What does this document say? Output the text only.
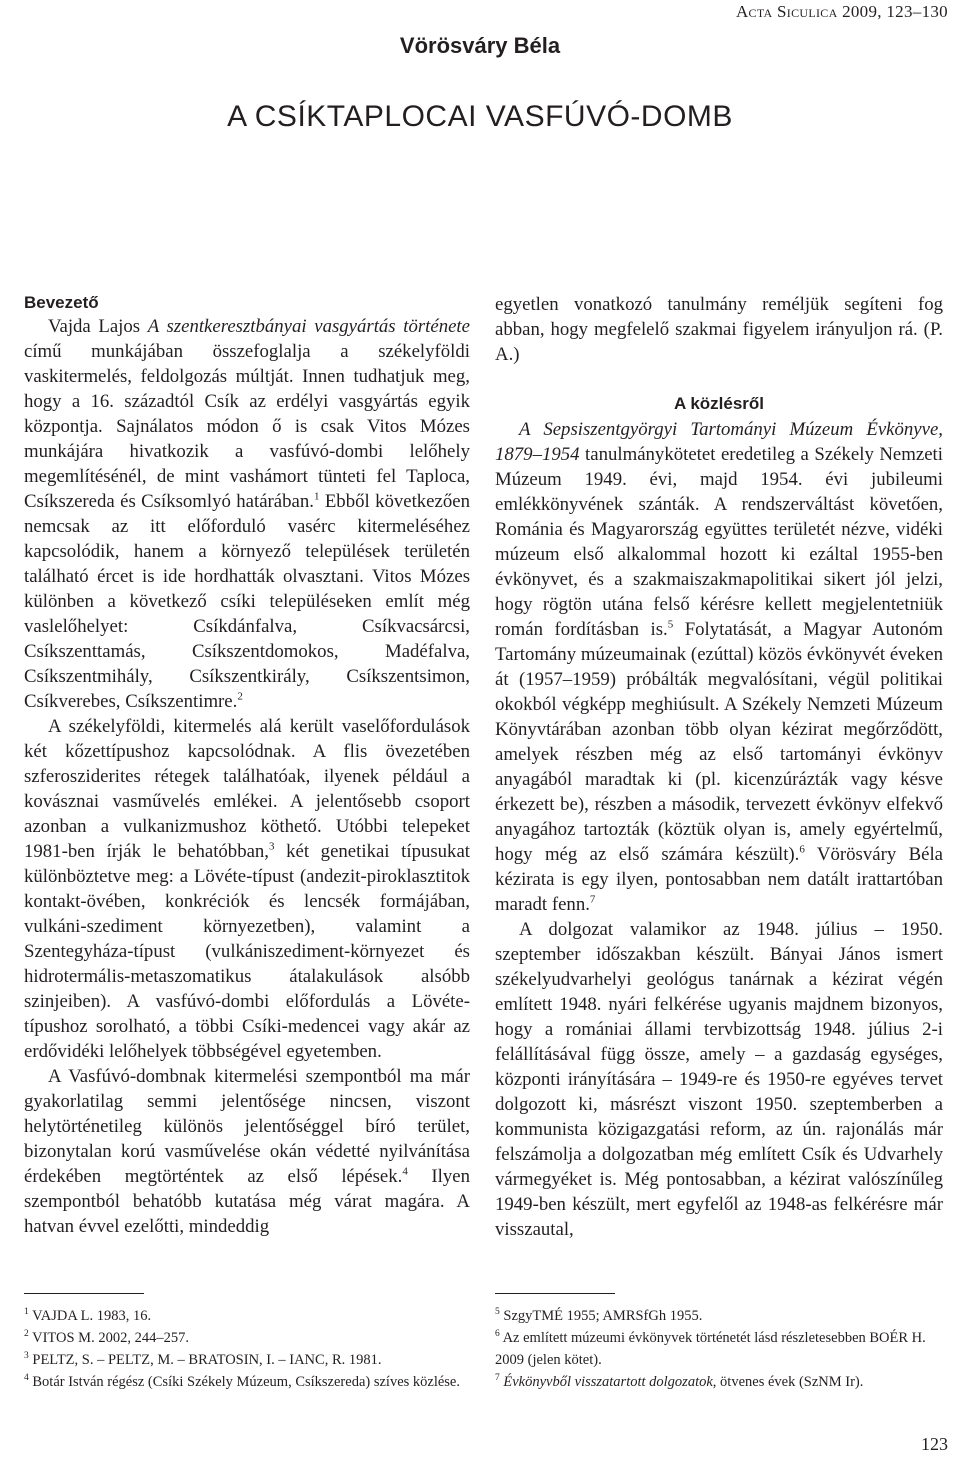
Acta Siculica 2009, 123–130
Vörösváry Béla
A CSÍKTAPLOCAI VASFÚVÓ-DOMB
Bevezető

Vajda Lajos A szentkeresztbányai vasgyártás története című munkájában összefoglalja a székelyföldi vaskitermelés, feldolgozás múltját. Innen tudhatjuk meg, hogy a 16. századtól Csík az erdélyi vasgyártás egyik központja. Sajnálatos módon ő is csak Vitos Mózes munkájára hivatkozik a vasfúvó-dombi lelőhely megemlítésénél, de mint vashámort tünteti fel Taploca, Csíkszereda és Csíksomlyó határában.$^1$ Ebből következően nemcsak az itt előforduló vasérc kitermeléséhez kapcsolódik, hanem a környező települések területén található ércet is ide hordhatták olvasztani. Vitos Mózes különben a következő csíki településeken említ még vaslelőhelyet: Csíkdánfalva, Csíkvacsárcsi, Csíkszenttamás, Csíkszentdomokos, Madéfalva, Csíkszentmihály, Csíkszentkirály, Csíkszentsimon, Csíkverebes, Csíkszentimre.$^2$

A székelyföldi, kitermelés alá került vaselőfordulások két kőzettípushoz kapcsolódnak. A flis övezetében szferosziderites rétegek találhatóak, ilyenek például a kovásznai vasművelés emlékei. A jelentősebb csoport azonban a vulkanizmushoz köthető. Utóbbi telepeket 1981-ben írják le behatóbban,$^3$ két genetikai típusukat különböztetve meg: a Lövéte-típust (andezit-piroklasztitok kontakt-övében, konkréciók és lencsék formájában, vulkáni-szediment környezetben), valamint a Szentegyháza-típust (vulkániszediment-környezet és hidrotermális-metaszomatikus átalakulások alsóbb szinjeiben). A vasfúvó-dombi előfordulás a Lövéte-típushoz sorolható, a többi Csíki-medencei vagy akár az erdővidéki lelőhelyek többségével egyetemben.

A Vasfúvó-dombnak kitermelési szempontból ma már gyakorlatilag semmi jelentősége nincsen, viszont helytörténetileg különös jelentőséggel bíró terület, bizonytalan korú vasművelése okán védetté nyilvánítása érdekében megtörténtek az első lépések.$^4$ Ilyen szempontból behatóbb kutatása még várat magára. A hatvan évvel ezelőtti, mindeddig

egyetlen vonatkozó tanulmány reméljük segíteni fog abban, hogy megfelelő szakmai figyelem irányuljon rá. (P. A.)

A közlésről

A Sepsiszentgyörgyi Tartományi Múzeum Évkönyve, 1879–1954 tanulmánykötetet eredetileg a Székely Nemzeti Múzeum 1949. évi, majd 1954. évi jubileumi emlékkönyvének szánták. A rendszerváltást követően, Románia és Magyarország együttes területét nézve, vidéki múzeum első alkalommal hozott ki ezáltal 1955-ben évkönyvet, és a szakmaiszakmapolitikai sikert jól jelzi, hogy rögtön utána felső kérésre kellett megjelentetniük román fordításban is.$^5$ Folytatását, a Magyar Autonóm Tartomány múzeumainak (ezúttal) közös évkönyvét éveken át (1957–1959) próbálták megvalósítani, végül politikai okokból végképp meghiúsult. A Székely Nemzeti Múzeum Könyvtárában azonban több olyan kézirat megőrződött, amelyek részben még az első tartományi évkönyv anyagából maradtak ki (pl. kicenzúrázták vagy késve érkezett be), részben a második, tervezett évkönyv elfekvő anyagához tartozták (köztük olyan is, amely egyértelmű, hogy még az első számára készült).$^6$ Vörösváry Béla kézirata is egy ilyen, pontosabban nem datált irattartóban maradt fenn.$^7$

A dolgozat valamikor az 1948. július – 1950. szeptember időszakban készült. Bányai János ismert székelyudvarhelyi geológus tanárnak a kézirat végén említett 1948. nyári felkérése ugyanis majdnem bizonyos, hogy a romániai állami tervbizottság 1948. július 2-i felállításával függ össze, amely – a gazdaság egységes, központi irányítására – 1949-re és 1950-re egyéves tervet dolgozott ki, másrészt viszont 1950. szeptemberben a kommunista közigazgatási reform, az ún. rajonálás már felszámolja a dolgozatban még említett Csík és Udvarhely vármegyéket is. Még pontosabban, a kézirat valószínűleg 1949-ben készült, mert egyfelől az 1948-as felkérésre már visszautal,

$^1$ VAJDA L. 1983, 16.
$^2$ VITOS M. 2002, 244–257.
$^3$ PELTZ, S. – PELTZ, M. – BRATOSIN, I. – IANC, R. 1981.
$^4$ Botár István régész (Csíki Székely Múzeum, Csíkszereda) szíves közlése.
$^5$ SzgyTMÉ 1955; AMRSfGh 1955.
$^6$ Az említett múzeumi évkönyvek történetét lásd részletesebben BOÉR H. 2009 (jelen kötet).
$^7$ Évkönyvből visszatartott dolgozatok, ötvenes évek (SzNM Ir).
123
